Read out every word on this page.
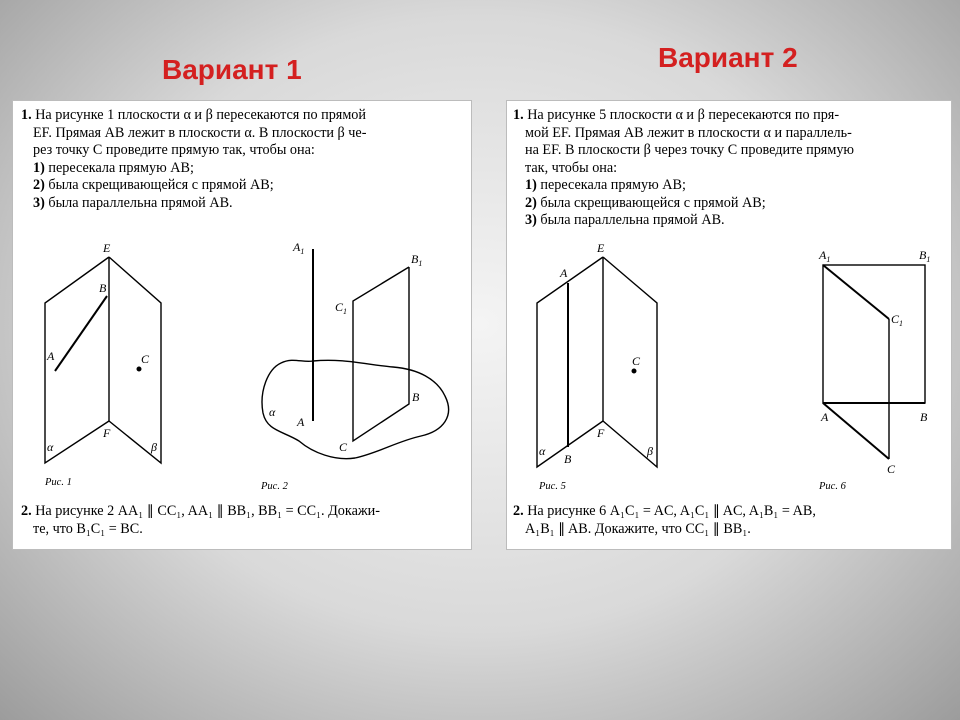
Вариант 1	Вариант 2
1. На рисунке 1 плоскости α и β пересекаются по прямой
EF. Прямая AB лежит в плоскости α. В плоскости β че-
рез точку C проведите прямую так, чтобы она:
1) пересекала прямую AB;
2) была скрещивающейся с прямой AB;
3) была параллельна прямой AB.
E
F
B
A	C
α	β
Рис. 1
$A_1$
$B_1$
$C_1$
A
B
C
α
Рис. 2
2. На рисунке 2 AA₁ ∥ CC₁, AA₁ ∥ BB₁, BB₁ = CC₁. Докажи-
те, что B₁C₁ = BC.
1. На рисунке 5 плоскости α и β пересекаются по пря-
мой EF. Прямая AB лежит в плоскости α и параллель-
на EF. В плоскости β через точку C проведите прямую
так, чтобы она:
1) пересекала прямую AB;
2) была скрещивающейся с прямой AB;
3) была параллельна прямой AB.
E
F
A
B
C
α	β
Рис. 5
$A_1$	$B_1$
$C_1$
A	B
C
Рис. 6
2. На рисунке 6 A₁C₁ = AC, A₁C₁ ∥ AC, A₁B₁ = AB,
A₁B₁ ∥ AB. Докажите, что CC₁ ∥ BB₁.
